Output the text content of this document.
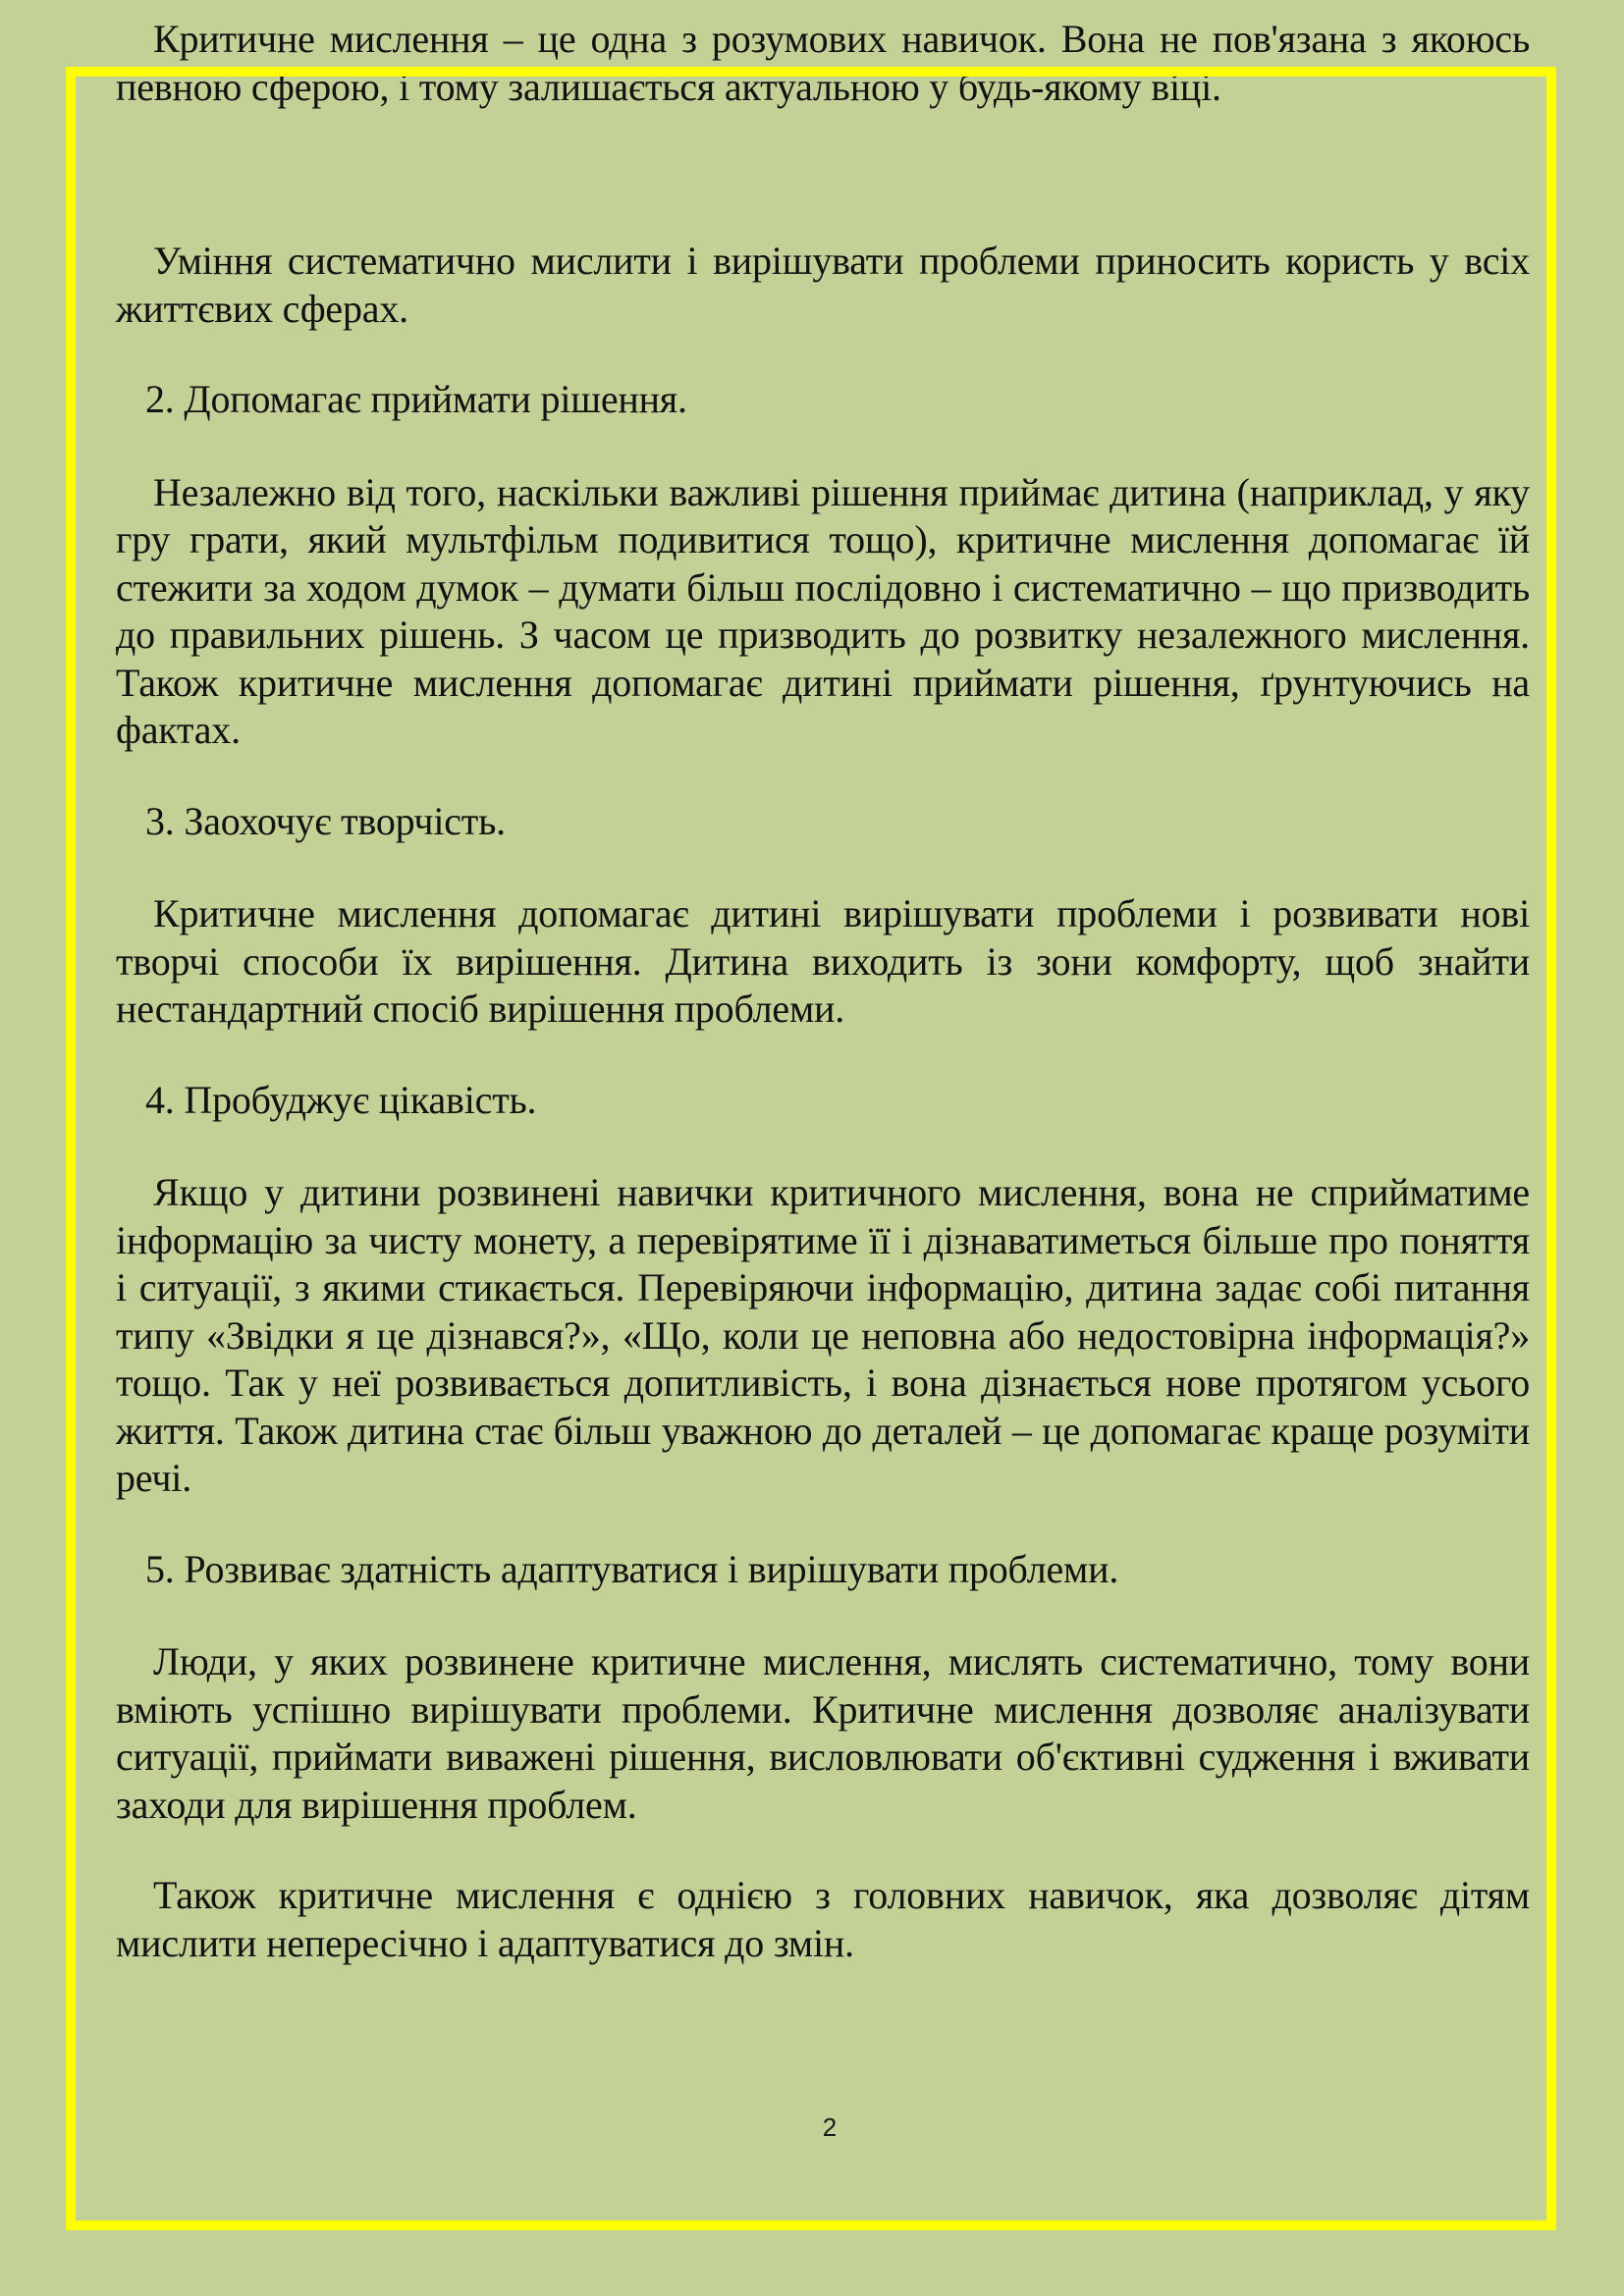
Критичне мислення – це одна з розумових навичок. Вона не пов'язана з якоюсь певною сферою, і тому залишається актуальною у будь-якому віці.

Уміння систематично мислити і вирішувати проблеми приносить користь у всіх життєвих сферах.

2. Допомагає приймати рішення.

Незалежно від того, наскільки важливі рішення приймає дитина (наприклад, у яку гру грати, який мультфільм подивитися тощо), критичне мислення допомагає їй стежити за ходом думок – думати більш послідовно і систематично – що призводить до правильних рішень. З часом це призводить до розвитку незалежного мислення. Також критичне мислення допомагає дитині приймати рішення, ґрунтуючись на фактах.

3. Заохочує творчість.

Критичне мислення допомагає дитині вирішувати проблеми і розвивати нові творчі способи їх вирішення. Дитина виходить із зони комфорту, щоб знайти нестандартний спосіб вирішення проблеми.

4. Пробуджує цікавість.

Якщо у дитини розвинені навички критичного мислення, вона не сприйматиме інформацію за чисту монету, а перевірятиме її і дізнаватиметься більше про поняття і ситуації, з якими стикається. Перевіряючи інформацію, дитина задає собі питання типу «Звідки я це дізнався?», «Що, коли це неповна або недостовірна інформація?» тощо. Так у неї розвивається допитливість, і вона дізнається нове протягом усього життя. Також дитина стає більш уважною до деталей – це допомагає краще розуміти речі.

5. Розвиває здатність адаптуватися і вирішувати проблеми.

Люди, у яких розвинене критичне мислення, мислять систематично, тому вони вміють успішно вирішувати проблеми. Критичне мислення дозволяє аналізувати ситуації, приймати виважені рішення, висловлювати об'єктивні судження і вживати заходи для вирішення проблем.

Також критичне мислення є однією з головних навичок, яка дозволяє дітям мислити непересічно і адаптуватися до змін.

2
